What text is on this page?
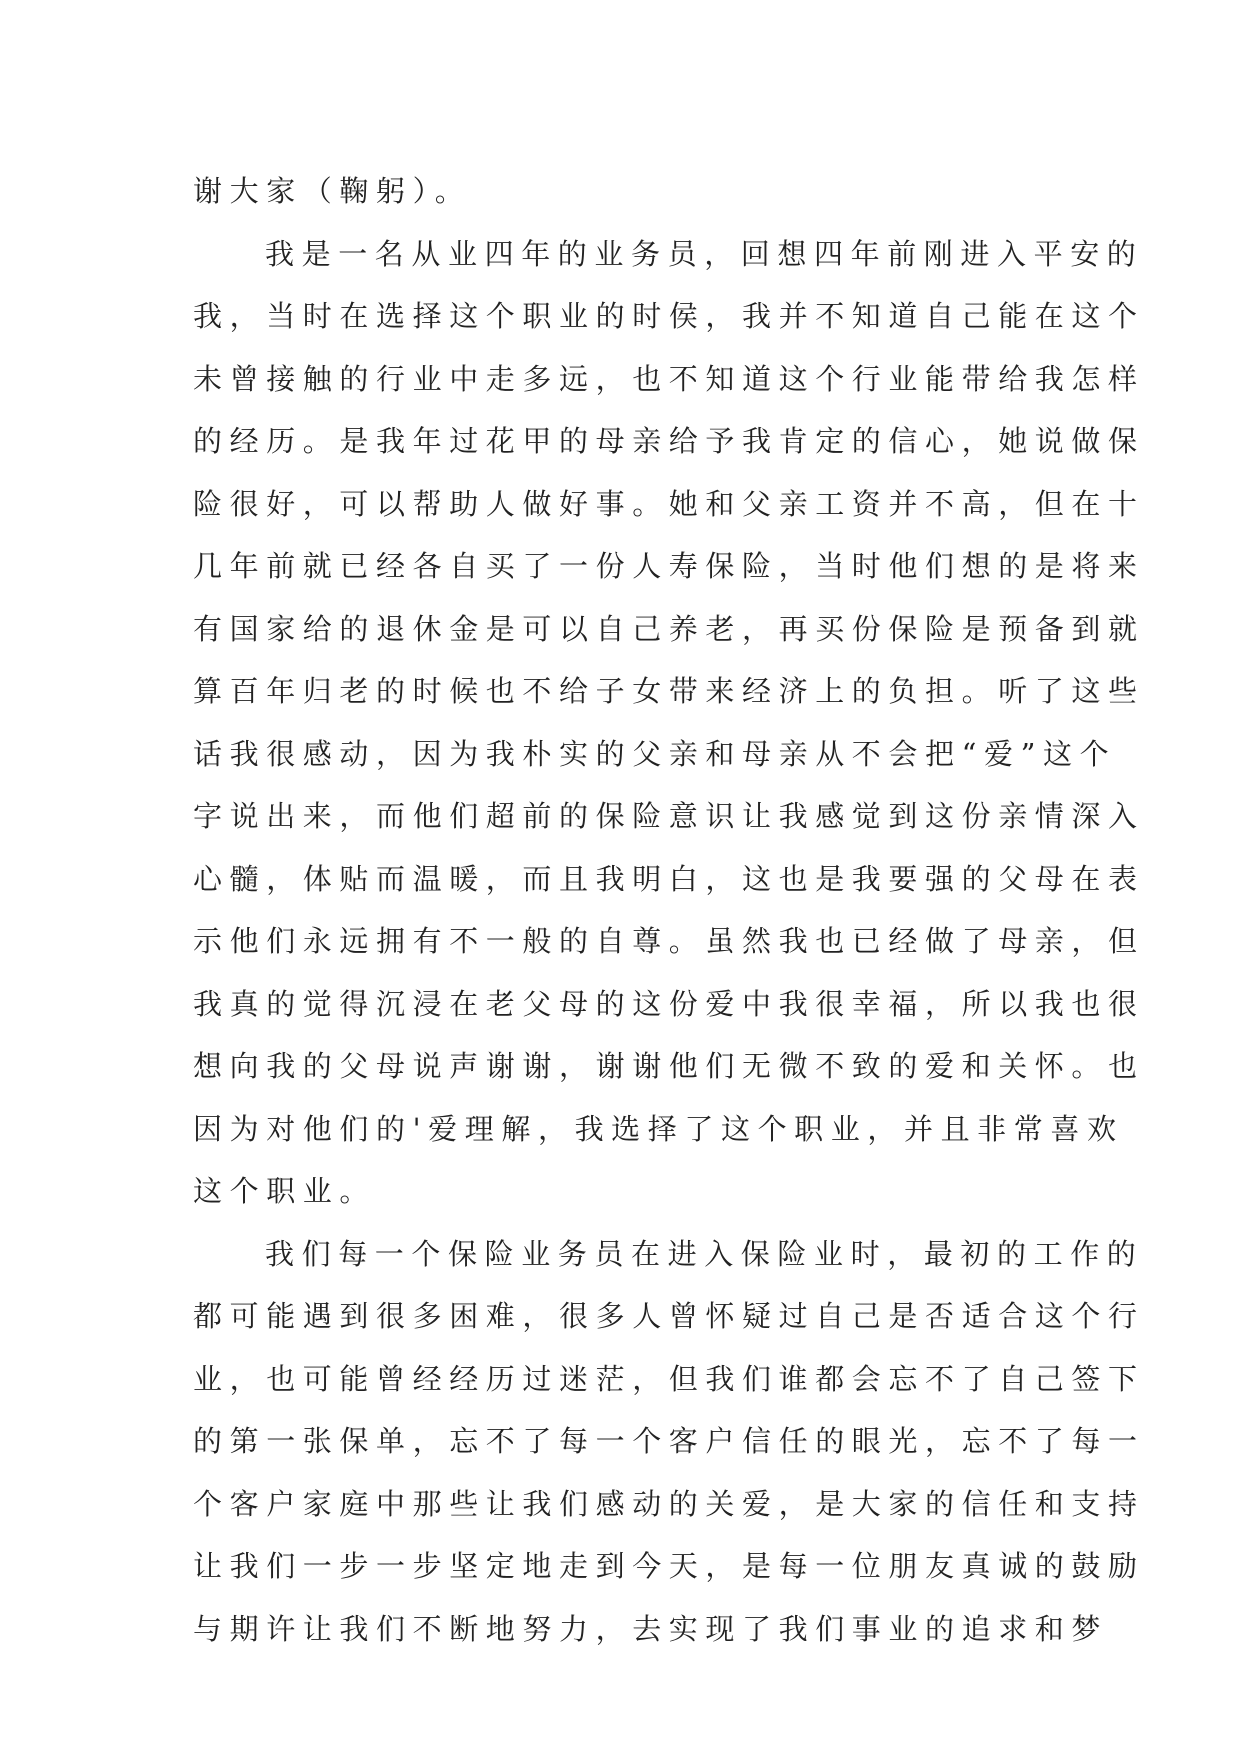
谢大家（鞠躬）。
我是一名从业四年的业务员，回想四年前刚进入平安的
我，当时在选择这个职业的时侯，我并不知道自己能在这个
未曾接触的行业中走多远，也不知道这个行业能带给我怎样
的经历。是我年过花甲的母亲给予我肯定的信心，她说做保
险很好，可以帮助人做好事。她和父亲工资并不高，但在十
几年前就已经各自买了一份人寿保险，当时他们想的是将来
有国家给的退休金是可以自己养老，再买份保险是预备到就
算百年归老的时候也不给子女带来经济上的负担。听了这些
话我很感动，因为我朴实的父亲和母亲从不会把“爱”这个
字说出来，而他们超前的保险意识让我感觉到这份亲情深入
心髓，体贴而温暖，而且我明白，这也是我要强的父母在表
示他们永远拥有不一般的自尊。虽然我也已经做了母亲，但
我真的觉得沉浸在老父母的这份爱中我很幸福，所以我也很
想向我的父母说声谢谢，谢谢他们无微不致的爱和关怀。也
因为对他们的'爱理解，我选择了这个职业，并且非常喜欢
这个职业。
我们每一个保险业务员在进入保险业时，最初的工作的
都可能遇到很多困难，很多人曾怀疑过自己是否适合这个行
业，也可能曾经经历过迷茫，但我们谁都会忘不了自己签下
的第一张保单，忘不了每一个客户信任的眼光，忘不了每一
个客户家庭中那些让我们感动的关爱，是大家的信任和支持
让我们一步一步坚定地走到今天，是每一位朋友真诚的鼓励
与期许让我们不断地努力，去实现了我们事业的追求和梦
